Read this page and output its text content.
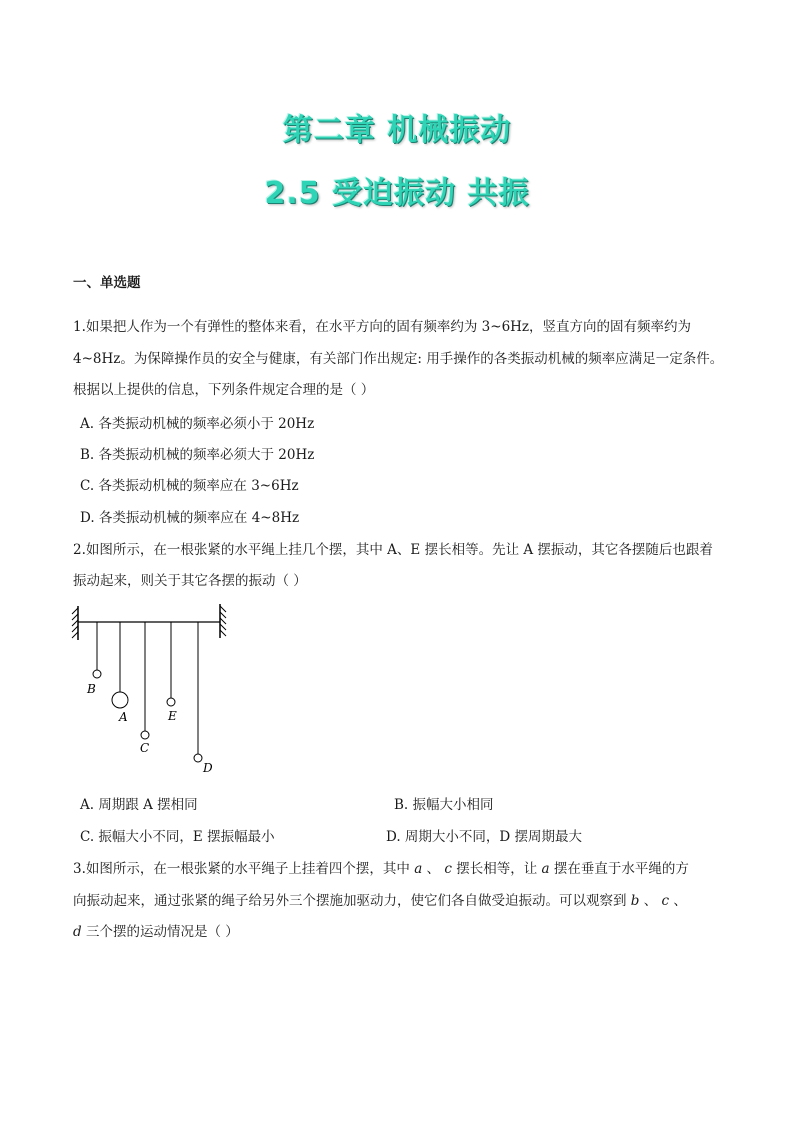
第二章 机械振动
2.5 受迫振动 共振
一、单选题
1.如果把人作为一个有弹性的整体来看，在水平方向的固有频率约为 3~6Hz，竖直方向的固有频率约为
4~8Hz。为保障操作员的安全与健康，有关部门作出规定: 用手操作的各类振动机械的频率应满足一定条件。
根据以上提供的信息，下列条件规定合理的是（ ）
A. 各类振动机械的频率必须小于 20Hz
B. 各类振动机械的频率必须大于 20Hz
C. 各类振动机械的频率应在 3~6Hz
D. 各类振动机械的频率应在 4~8Hz
2.如图所示，在一根张紧的水平绳上挂几个摆，其中 A、E 摆长相等。先让 A 摆振动，其它各摆随后也跟着
振动起来，则关于其它各摆的振动（ ）
B
A
C
E
D
A. 周期跟 A 摆相同	B. 振幅大小相同
C. 振幅大小不同，E 摆振幅最小	D. 周期大小不同，D 摆周期最大
3.如图所示，在一根张紧的水平绳子上挂着四个摆，其中 a 、 c 摆长相等，让 a 摆在垂直于水平绳的方
向振动起来，通过张紧的绳子给另外三个摆施加驱动力，使它们各自做受迫振动。可以观察到 b 、 c 、
d 三个摆的运动情况是（ ）
